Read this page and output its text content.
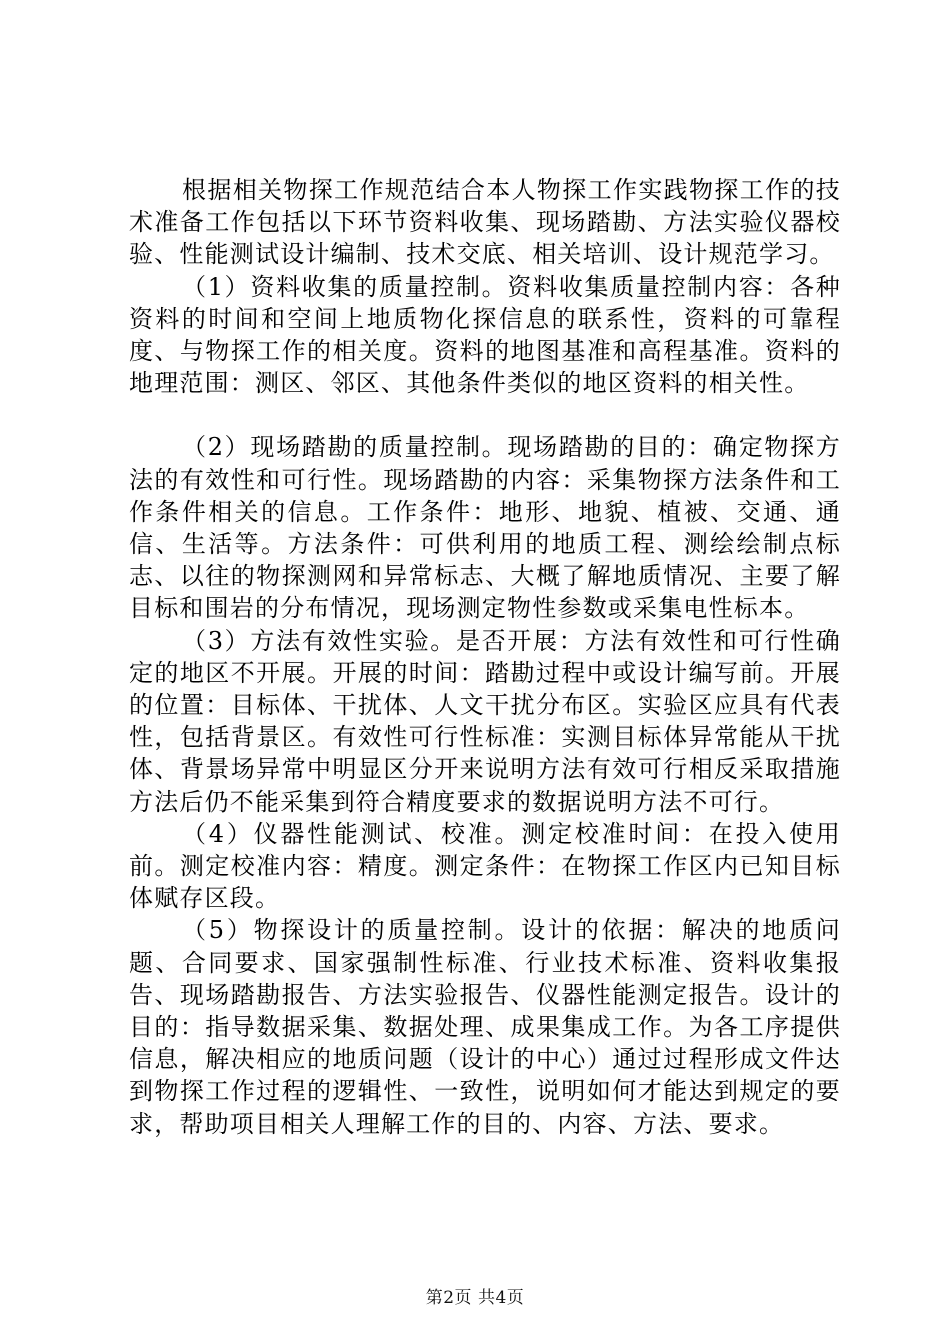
根据相关物探工作规范结合本人物探工作实践物探工作的技术准备工作包括以下环节资料收集、现场踏勘、方法实验仪器校验、性能测试设计编制、技术交底、相关培训、设计规范学习。

（1）资料收集的质量控制。资料收集质量控制内容：各种资料的时间和空间上地质物化探信息的联系性，资料的可靠程度、与物探工作的相关度。资料的地图基准和高程基准。资料的地理范围：测区、邻区、其他条件类似的地区资料的相关性。

（2）现场踏勘的质量控制。现场踏勘的目的：确定物探方法的有效性和可行性。现场踏勘的内容：采集物探方法条件和工作条件相关的信息。工作条件：地形、地貌、植被、交通、通信、生活等。方法条件：可供利用的地质工程、测绘绘制点标志、以往的物探测网和异常标志、大概了解地质情况、主要了解目标和围岩的分布情况，现场测定物性参数或采集电性标本。

（3）方法有效性实验。是否开展：方法有效性和可行性确定的地区不开展。开展的时间：踏勘过程中或设计编写前。开展的位置：目标体、干扰体、人文干扰分布区。实验区应具有代表性，包括背景区。有效性可行性标准：实测目标体异常能从干扰体、背景场异常中明显区分开来说明方法有效可行相反采取措施方法后仍不能采集到符合精度要求的数据说明方法不可行。

（4）仪器性能测试、校准。测定校准时间：在投入使用前。测定校准内容：精度。测定条件：在物探工作区内已知目标体赋存区段。

（5）物探设计的质量控制。设计的依据：解决的地质问题、合同要求、国家强制性标准、行业技术标准、资料收集报告、现场踏勘报告、方法实验报告、仪器性能测定报告。设计的目的：指导数据采集、数据处理、成果集成工作。为各工序提供信息，解决相应的地质问题（设计的中心）通过过程形成文件达到物探工作过程的逻辑性、一致性，说明如何才能达到规定的要求，帮助项目相关人理解工作的目的、内容、方法、要求。

第2页 共4页
